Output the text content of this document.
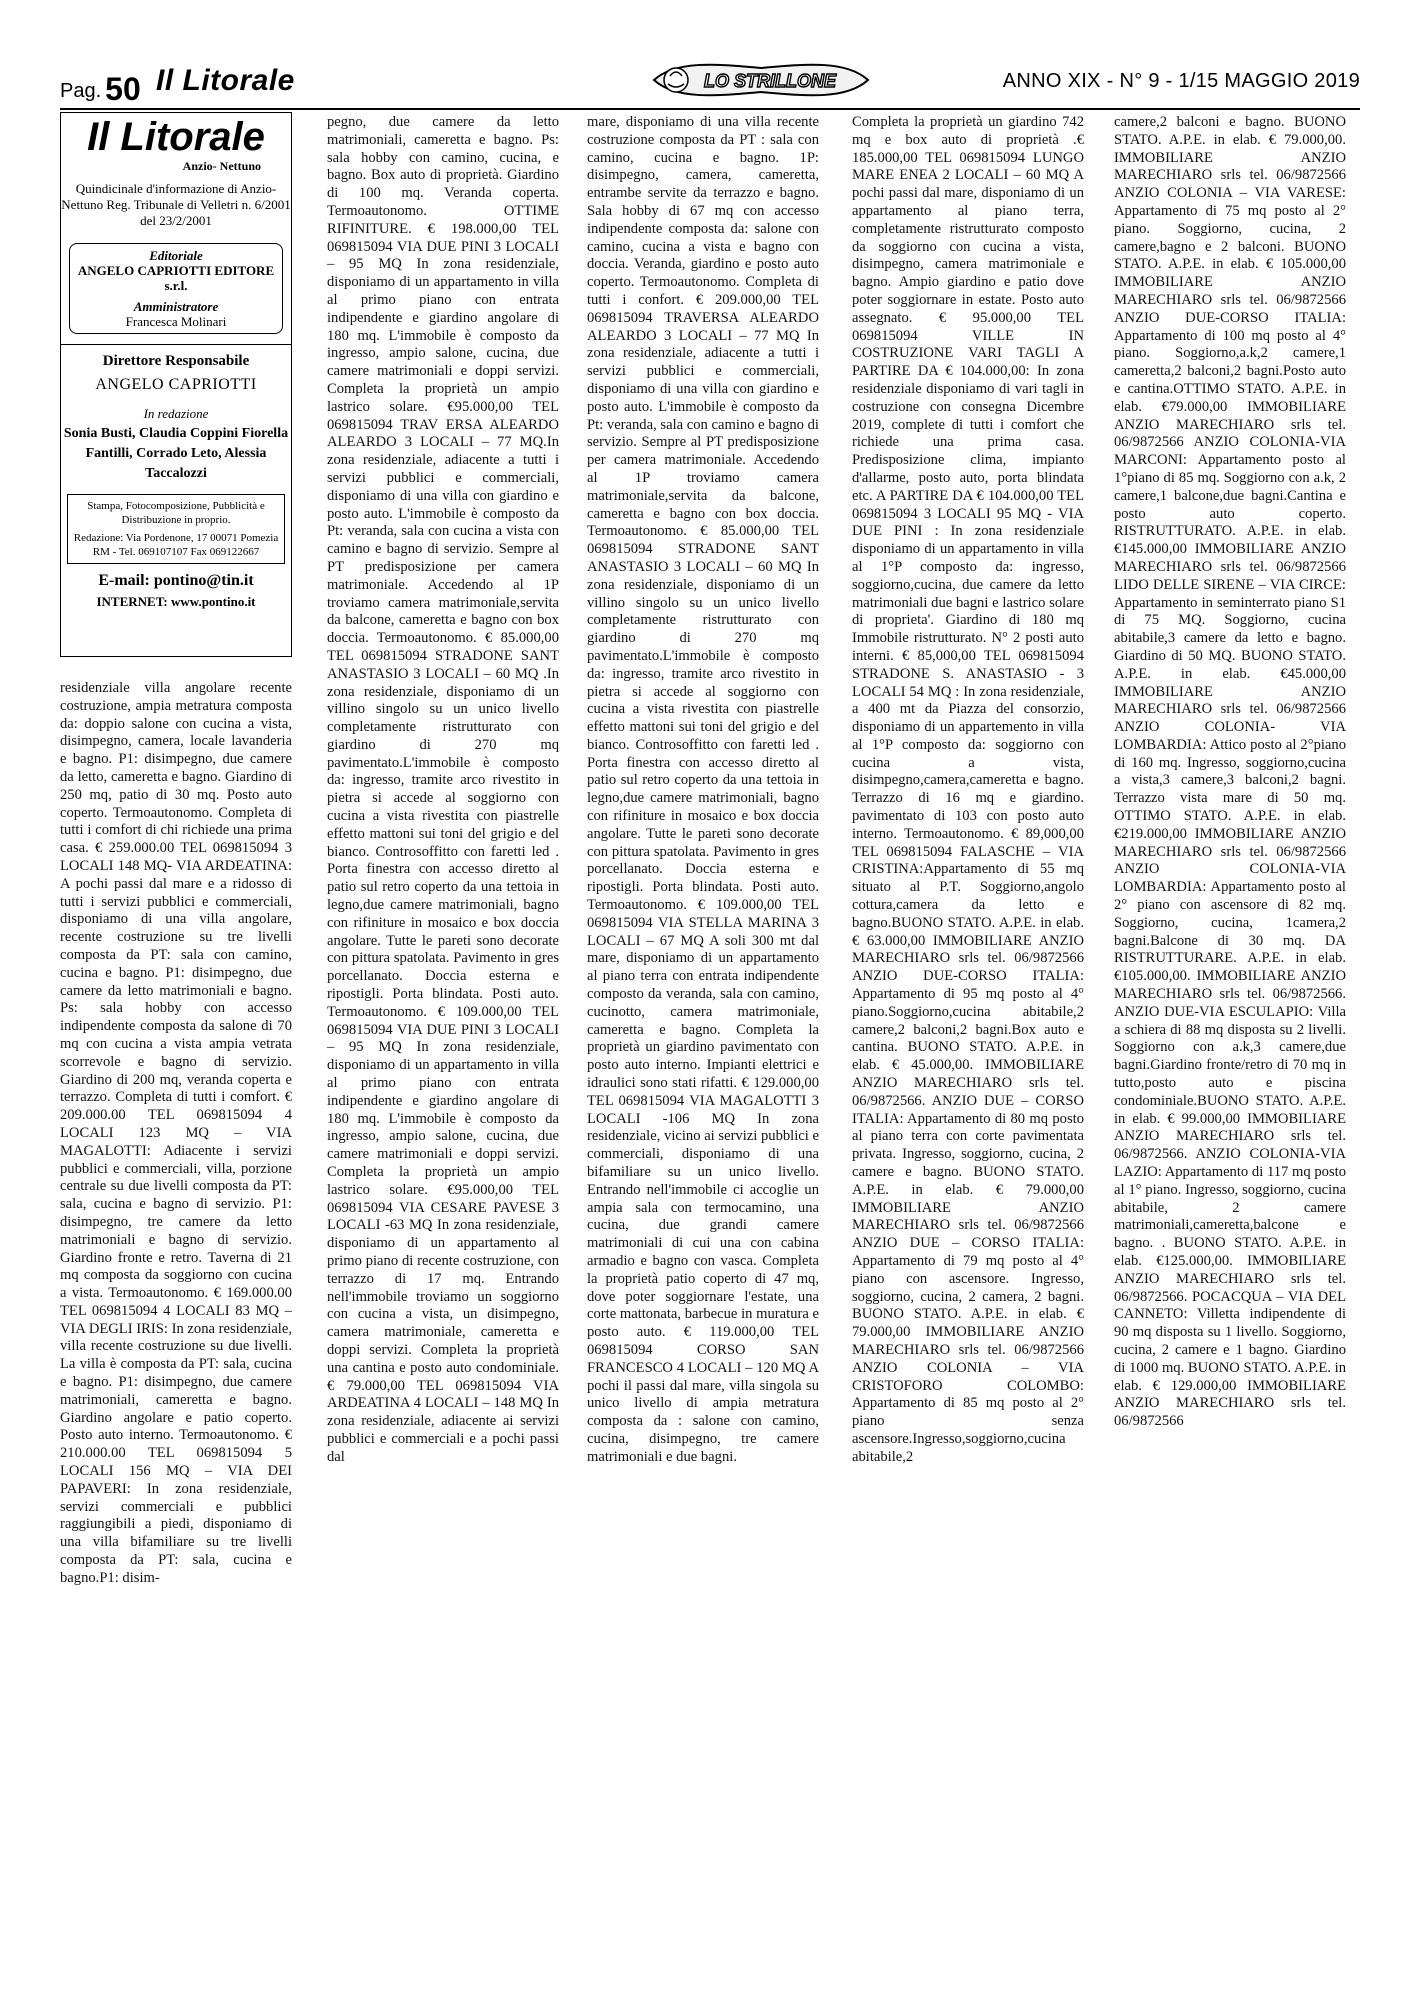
Pag. 50 Il Litorale	LO STRILLONE	ANNO XIX - N° 9 - 1/15 MAGGIO 2019
Il Litorale
Anzio- Nettuno
Quindicinale d'informazione di Anzio-Nettuno Reg. Tribunale di Velletri n. 6/2001 del 23/2/2001
Editoriale
ANGELO CAPRIOTTI EDITORE s.r.l.
Amministratore
Francesca Molinari
Direttore Responsabile
ANGELO CAPRIOTTI
In redazione
Sonia Busti, Claudia Coppini Fiorella Fantilli, Corrado Leto, Alessia Taccalozzi
Stampa, Fotocomposizione, Pubblicità e Distribuzione in proprio.
Redazione: Via Pordenone, 17 00071 Pomezia RM - Tel. 069107107 Fax 069122667
E-mail: pontino@tin.it
INTERNET: www.pontino.it

residenziale villa angolare recente costruzione, ampia metratura composta da: doppio salone con cucina a vista, disimpegno, camera, locale lavanderia e bagno. P1: disimpegno, due camere da letto, cameretta e bagno. Giardino di 250 mq, patio di 30 mq. Posto auto coperto. Termoautonomo. Completa di tutti i comfort di chi richiede una prima casa. € 259.000.00 TEL 069815094 3 LOCALI 148 MQ- VIA ARDEATINA: A pochi passi dal mare e a ridosso di tutti i servizi pubblici e commerciali, disponiamo di una villa angolare, recente costruzione su tre livelli composta da PT: sala con camino, cucina e bagno. P1: disimpegno, due camere da letto matrimoniali e bagno. Ps: sala hobby con accesso indipendente composta da salone di 70 mq con cucina a vista ampia vetrata scorrevole e bagno di servizio. Giardino di 200 mq, veranda coperta e terrazzo. Completa di tutti i comfort. € 209.000.00 TEL 069815094 4 LOCALI 123 MQ – VIA MAGALOTTI: Adiacente i servizi pubblici e commerciali, villa, porzione centrale su due livelli composta da PT: sala, cucina e bagno di servizio. P1: disimpegno, tre camere da letto matrimoniali e bagno di servizio. Giardino fronte e retro. Taverna di 21 mq composta da soggiorno con cucina a vista. Termoautonomo. € 169.000.00 TEL 069815094 4 LOCALI 83 MQ – VIA DEGLI IRIS: In zona residenziale, villa recente costruzione su due livelli. La villa è composta da PT: sala, cucina e bagno. P1: disimpegno, due camere matrimoniali, cameretta e bagno. Giardino angolare e patio coperto. Posto auto interno. Termoautonomo. € 210.000.00 TEL 069815094 5 LOCALI 156 MQ – VIA DEI PAPAVERI: In zona residenziale, servizi commerciali e pubblici raggiungibili a piedi, disponiamo di una villa bifamiliare su tre livelli composta da PT: sala, cucina e bagno.P1: disim-

pegno, due camere da letto matrimoniali, cameretta e bagno. Ps: sala hobby con camino, cucina, e bagno. Box auto di proprietà. Giardino di 100 mq. Veranda coperta. Termoautonomo. OTTIME RIFINITURE. € 198.000,00 TEL 069815094 VIA DUE PINI 3 LOCALI – 95 MQ In zona residenziale, disponiamo di un appartamento in villa al primo piano con entrata indipendente e giardino angolare di 180 mq. L'immobile è composto da ingresso, ampio salone, cucina, due camere matrimoniali e doppi servizi. Completa la proprietà un ampio lastrico solare. €95.000,00 TEL 069815094 TRAV ERSA ALEARDO ALEARDO 3 LOCALI – 77 MQ.In zona residenziale, adiacente a tutti i servizi pubblici e commerciali, disponiamo di una villa con giardino e posto auto. L'immobile è composto da Pt: veranda, sala con cucina a vista con camino e bagno di servizio. Sempre al PT predisposizione per camera matrimoniale. Accedendo al 1P troviamo camera matrimoniale,servita da balcone, cameretta e bagno con box doccia. Termoautonomo. € 85.000,00 TEL 069815094 STRADONE SANT ANASTASIO 3 LOCALI – 60 MQ .In zona residenziale, disponiamo di un villino singolo su un unico livello completamente ristrutturato con giardino di 270 mq pavimentato.L'immobile è composto da: ingresso, tramite arco rivestito in pietra si accede al soggiorno con cucina a vista rivestita con piastrelle effetto mattoni sui toni del grigio e del bianco. Controsoffitto con faretti led . Porta finestra con accesso diretto al patio sul retro coperto da una tettoia in legno,due camere matrimoniali, bagno con rifiniture in mosaico e box doccia angolare. Tutte le pareti sono decorate con pittura spatolata. Pavimento in gres porcellanato. Doccia esterna e ripostigli. Porta blindata. Posti auto. Termoautonomo. € 109.000,00 TEL 069815094 VIA DUE PINI 3 LOCALI – 95 MQ In zona residenziale, disponiamo di un appartamento in villa al primo piano con entrata indipendente e giardino angolare di 180 mq. L'immobile è composto da ingresso, ampio salone, cucina, due camere matrimoniali e doppi servizi. Completa la proprietà un ampio lastrico solare. €95.000,00 TEL 069815094 VIA CESARE PAVESE 3 LOCALI -63 MQ In zona residenziale, disponiamo di un appartamento al primo piano di recente costruzione, con terrazzo di 17 mq. Entrando nell'immobile troviamo un soggiorno con cucina a vista, un disimpegno, camera matrimoniale, cameretta e doppi servizi. Completa la proprietà una cantina e posto auto condominiale. € 79.000,00 TEL 069815094 VIA ARDEATINA 4 LOCALI – 148 MQ In zona residenziale, adiacente ai servizi pubblici e commerciali e a pochi passi dal

mare, disponiamo di una villa recente costruzione composta da PT : sala con camino, cucina e bagno. 1P: disimpegno, camera, cameretta, entrambe servite da terrazzo e bagno. Sala hobby di 67 mq con accesso indipendente composta da: salone con camino, cucina a vista e bagno con doccia. Veranda, giardino e posto auto coperto. Termoautonomo. Completa di tutti i confort. € 209.000,00 TEL 069815094 TRAVERSA ALEARDO ALEARDO 3 LOCALI – 77 MQ In zona residenziale, adiacente a tutti i servizi pubblici e commerciali, disponiamo di una villa con giardino e posto auto. L'immobile è composto da Pt: veranda, sala con camino e bagno di servizio. Sempre al PT predisposizione per camera matrimoniale. Accedendo al 1P troviamo camera matrimoniale,servita da balcone, cameretta e bagno con box doccia. Termoautonomo. € 85.000,00 TEL 069815094 STRADONE SANT ANASTASIO 3 LOCALI – 60 MQ In zona residenziale, disponiamo di un villino singolo su un unico livello completamente ristrutturato con giardino di 270 mq pavimentato.L'immobile è composto da: ingresso, tramite arco rivestito in pietra si accede al soggiorno con cucina a vista rivestita con piastrelle effetto mattoni sui toni del grigio e del bianco. Controsoffitto con faretti led . Porta finestra con accesso diretto al patio sul retro coperto da una tettoia in legno,due camere matrimoniali, bagno con rifiniture in mosaico e box doccia angolare. Tutte le pareti sono decorate con pittura spatolata. Pavimento in gres porcellanato. Doccia esterna e ripostigli. Porta blindata. Posti auto. Termoautonomo. € 109.000,00 TEL 069815094 VIA STELLA MARINA 3 LOCALI – 67 MQ A soli 300 mt dal mare, disponiamo di un appartamento al piano terra con entrata indipendente composto da veranda, sala con camino, cucinotto, camera matrimoniale, cameretta e bagno. Completa la proprietà un giardino pavimentato con posto auto interno. Impianti elettrici e idraulici sono stati rifatti. € 129.000,00 TEL 069815094 VIA MAGALOTTI 3 LOCALI -106 MQ In zona residenziale, vicino ai servizi pubblici e commerciali, disponiamo di una bifamiliare su un unico livello. Entrando nell'immobile ci accoglie un ampia sala con termocamino, una cucina, due grandi camere matrimoniali di cui una con cabina armadio e bagno con vasca. Completa la proprietà patio coperto di 47 mq, dove poter soggiornare l'estate, una corte mattonata, barbecue in muratura e posto auto. € 119.000,00 TEL 069815094 CORSO SAN FRANCESCO 4 LOCALI – 120 MQ A pochi il passi dal mare, villa singola su unico livello di ampia metratura composta da : salone con camino, cucina, disimpegno, tre camere matrimoniali e due bagni.

Completa la proprietà un giardino 742 mq e box auto di proprietà .€ 185.000,00 TEL 069815094 LUNGO MARE ENEA 2 LOCALI – 60 MQ A pochi passi dal mare, disponiamo di un appartamento al piano terra, completamente ristrutturato composto da soggiorno con cucina a vista, disimpegno, camera matrimoniale e bagno. Ampio giardino e patio dove poter soggiornare in estate. Posto auto assegnato. € 95.000,00 TEL 069815094 VILLE IN COSTRUZIONE VARI TAGLI A PARTIRE DA € 104.000,00: In zona residenziale disponiamo di vari tagli in costruzione con consegna Dicembre 2019, complete di tutti i comfort che richiede una prima casa. Predisposizione clima, impianto d'allarme, posto auto, porta blindata etc. A PARTIRE DA € 104.000,00 TEL 069815094 3 LOCALI 95 MQ - VIA DUE PINI : In zona residenziale disponiamo di un appartamento in villa al 1°P composto da: ingresso, soggiorno,cucina, due camere da letto matrimoniali due bagni e lastrico solare di proprieta'. Giardino di 180 mq Immobile ristrutturato. N° 2 posti auto interni. € 85,000,00 TEL 069815094 STRADONE S. ANASTASIO - 3 LOCALI 54 MQ : In zona residenziale, a 400 mt da Piazza del consorzio, disponiamo di un appartemento in villa al 1°P composto da: soggiorno con cucina a vista, disimpegno,camera,cameretta e bagno. Terrazzo di 16 mq e giardino. pavimentato di 103 con posto auto interno. Termoautonomo. € 89,000,00 TEL 069815094 FALASCHE – VIA CRISTINA:Appartamento di 55 mq situato al P.T. Soggiorno,angolo cottura,camera da letto e bagno.BUONO STATO. A.P.E. in elab. € 63.000,00 IMMOBILIARE ANZIO MARECHIARO srls tel. 06/9872566 ANZIO DUE-CORSO ITALIA: Appartamento di 95 mq posto al 4° piano.Soggiorno,cucina abitabile,2 camere,2 balconi,2 bagni.Box auto e cantina. BUONO STATO. A.P.E. in elab. € 45.000,00. IMMOBILIARE ANZIO MARECHIARO srls tel. 06/9872566. ANZIO DUE – CORSO ITALIA: Appartamento di 80 mq posto al piano terra con corte pavimentata privata. Ingresso, soggiorno, cucina, 2 camere e bagno. BUONO STATO. A.P.E. in elab. € 79.000,00 IMMOBILIARE ANZIO MARECHIARO srls tel. 06/9872566 ANZIO DUE – CORSO ITALIA: Appartamento di 79 mq posto al 4° piano con ascensore. Ingresso, soggiorno, cucina, 2 camera, 2 bagni. BUONO STATO. A.P.E. in elab. € 79.000,00 IMMOBILIARE ANZIO MARECHIARO srls tel. 06/9872566 ANZIO COLONIA – VIA CRISTOFORO COLOMBO: Appartamento di 85 mq posto al 2° piano senza ascensore.Ingresso,soggiorno,cucina abitabile,2

camere,2 balconi e bagno. BUONO STATO. A.P.E. in elab. € 79.000,00. IMMOBILIARE ANZIO MARECHIARO srls tel. 06/9872566 ANZIO COLONIA – VIA VARESE: Appartamento di 75 mq posto al 2° piano. Soggiorno, cucina, 2 camere,bagno e 2 balconi. BUONO STATO. A.P.E. in elab. € 105.000,00 IMMOBILIARE ANZIO MARECHIARO srls tel. 06/9872566 ANZIO DUE-CORSO ITALIA: Appartamento di 100 mq posto al 4° piano. Soggiorno,a.k,2 camere,1 cameretta,2 balconi,2 bagni.Posto auto e cantina.OTTIMO STATO. A.P.E. in elab. €79.000,00 IMMOBILIARE ANZIO MARECHIARO srls tel. 06/9872566 ANZIO COLONIA-VIA MARCONI: Appartamento posto al 1°piano di 85 mq. Soggiorno con a.k, 2 camere,1 balcone,due bagni.Cantina e posto auto coperto. RISTRUTTURATO. A.P.E. in elab. €145.000,00 IMMOBILIARE ANZIO MARECHIARO srls tel. 06/9872566 LIDO DELLE SIRENE – VIA CIRCE: Appartamento in seminterrato piano S1 di 75 MQ. Soggiorno, cucina abitabile,3 camere da letto e bagno. Giardino di 50 MQ. BUONO STATO. A.P.E. in elab. €45.000,00 IMMOBILIARE ANZIO MARECHIARO srls tel. 06/9872566 ANZIO COLONIA- VIA LOMBARDIA: Attico posto al 2°piano di 160 mq. Ingresso, soggiorno,cucina a vista,3 camere,3 balconi,2 bagni. Terrazzo vista mare di 50 mq. OTTIMO STATO. A.P.E. in elab. €219.000,00 IMMOBILIARE ANZIO MARECHIARO srls tel. 06/9872566 ANZIO COLONIA-VIA LOMBARDIA: Appartamento posto al 2° piano con ascensore di 82 mq. Soggiorno, cucina, 1camera,2 bagni.Balcone di 30 mq. DA RISTRUTTURARE. A.P.E. in elab. €105.000,00. IMMOBILIARE ANZIO MARECHIARO srls tel. 06/9872566. ANZIO DUE-VIA ESCULAPIO: Villa a schiera di 88 mq disposta su 2 livelli. Soggiorno con a.k,3 camere,due bagni.Giardino fronte/retro di 70 mq in tutto,posto auto e piscina condominiale.BUONO STATO. A.P.E. in elab. € 99.000,00 IMMOBILIARE ANZIO MARECHIARO srls tel. 06/9872566. ANZIO COLONIA-VIA LAZIO: Appartamento di 117 mq posto al 1° piano. Ingresso, soggiorno, cucina abitabile, 2 camere matrimoniali,cameretta,balcone e bagno. . BUONO STATO. A.P.E. in elab. €125.000,00. IMMOBILIARE ANZIO MARECHIARO srls tel. 06/9872566. POCACQUA – VIA DEL CANNETO: Villetta indipendente di 90 mq disposta su 1 livello. Soggiorno, cucina, 2 camere e 1 bagno. Giardino di 1000 mq. BUONO STATO. A.P.E. in elab. € 129.000,00 IMMOBILIARE ANZIO MARECHIARO srls tel. 06/9872566
